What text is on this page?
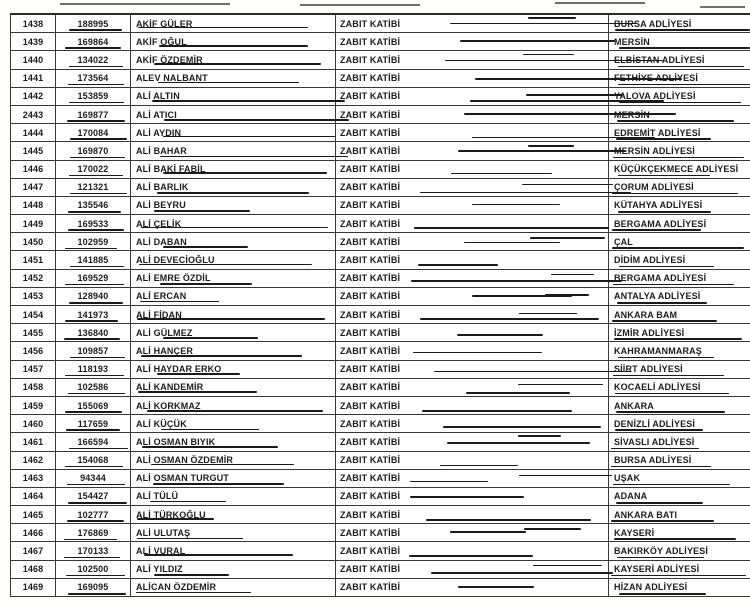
1438	188995	AKİF GÜLER	ZABIT KATİBİ	BURSA ADLİYESİ
1439	169864	AKİF OĞUL	ZABIT KATİBİ	MERSİN
1440	134022	AKİF ÖZDEMİR	ZABIT KATİBİ	ELBİSTAN ADLİYESİ
1441	173564	ALEV NALBANT	ZABIT KATİBİ	FETHİYE ADLİYESİ
1442	153859	ALİ ALTIN	ZABIT KATİBİ	YALOVA ADLİYESİ
2443	169877	ALİ ATICI	ZABIT KATİBİ	MERSİN
1444	170084	ALİ AYDIN	ZABIT KATİBİ	EDREMİT ADLİYESİ
1445	169870	ALİ BAHAR	ZABIT KATİBİ	MERSİN ADLİYESİ
1446	170022	ALİ BAKİ FABİL	ZABIT KATİBİ	KÜÇÜKÇEKMECE ADLİYESİ
1447	121321	ALİ BARLIK	ZABIT KATİBİ	ÇORUM ADLİYESİ
1448	135546	ALİ BEYRU	ZABIT KATİBİ	KÜTAHYA ADLİYESİ
1449	169533	ALİ ÇELİK	ZABIT KATİBİ	BERGAMA ADLİYESİ
1450	102959	ALİ DABAN	ZABIT KATİBİ	ÇAL
1451	141885	ALİ DEVECİOĞLU	ZABIT KATİBİ	DİDİM ADLİYESİ
1452	169529	ALİ EMRE ÖZDİL	ZABIT KATİBİ	BERGAMA ADLİYESİ
1453	128940	ALİ ERCAN	ZABIT KATİBİ	ANTALYA ADLİYESİ
1454	141973	ALİ FİDAN	ZABIT KATİBİ	ANKARA BAM
1455	136840	ALİ GÜLMEZ	ZABIT KATİBİ	İZMİR ADLİYESİ
1456	109857	ALİ HANÇER	ZABIT KATİBİ	KAHRAMANMARAŞ
1457	118193	ALİ HAYDAR ERKO	ZABIT KATİBİ	SİİRT ADLİYESİ
1458	102586	ALİ KANDEMİR	ZABIT KATİBİ	KOCAELİ ADLİYESİ
1459	155069	ALİ KORKMAZ	ZABIT KATİBİ	ANKARA
1460	117659	ALİ KÜÇÜK	ZABIT KATİBİ	DENİZLİ ADLİYESİ
1461	166594	ALİ OSMAN BIYIK	ZABIT KATİBİ	SİVASLI ADLİYESİ
1462	154068	ALİ OSMAN ÖZDEMİR	ZABIT KATİBİ	BURSA ADLİYESİ
1463	94344	ALİ OSMAN TURGUT	ZABIT KATİBİ	UŞAK
1464	154427	ALİ TÜLÜ	ZABIT KATİBİ	ADANA
1465	102777	ALİ TÜRKOĞLU	ZABIT KATİBİ	ANKARA BATI
1466	176869	ALİ ULUTAŞ	ZABIT KATİBİ	KAYSERİ
1467	170133	ALİ VURAL	ZABIT KATİBİ	BAKIRKÖY ADLİYESİ
1468	102500	ALİ YILDIZ	ZABIT KATİBİ	KAYSERİ ADLİYESİ
1469	169095	ALİCAN ÖZDEMİR	ZABIT KATİBİ	HİZAN ADLİYESİ
